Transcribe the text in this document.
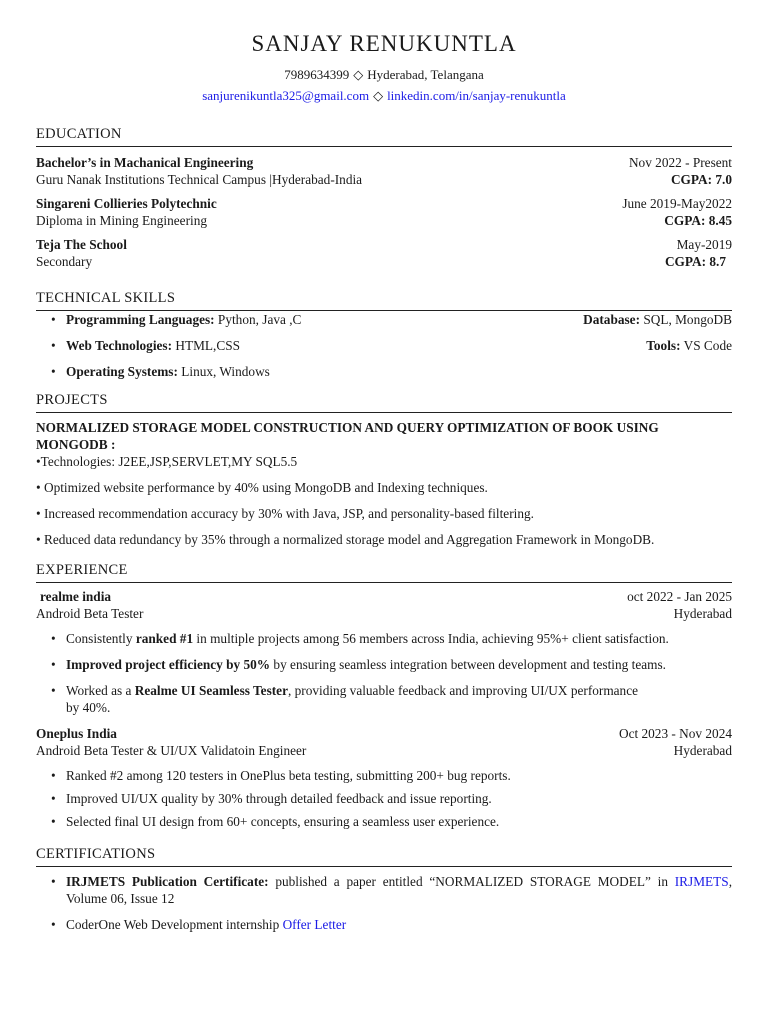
SANJAY RENUKUNTLA
7989634399 ◇ Hyderabad, Telangana
sanjurenikuntla325@gmail.com ◇ linkedin.com/in/sanjay-renukuntla
EDUCATION
Bachelor’s in Machanical Engineering	Nov 2022 - Present
Guru Nanak Institutions Technical Campus |Hyderabad-India	CGPA: 7.0
Singareni Collieries Polytechnic	June 2019-May2022
Diploma in Mining Engineering	CGPA: 8.45
Teja The School	May-2019
Secondary	CGPA: 8.7
TECHNICAL SKILLS
• Programming Languages: Python, Java ,C	Database: SQL, MongoDB
• Web Technologies: HTML,CSS	Tools: VS Code
• Operating Systems: Linux, Windows
PROJECTS
NORMALIZED STORAGE MODEL CONSTRUCTION AND QUERY OPTIMIZATION OF BOOK USING MONGODB :
•Technologies: J2EE,JSP,SERVLET,MY SQL5.5
• Optimized website performance by 40% using MongoDB and Indexing techniques.
• Increased recommendation accuracy by 30% with Java, JSP, and personality-based filtering.
• Reduced data redundancy by 35% through a normalized storage model and Aggregation Framework in MongoDB.
EXPERIENCE
realme india	oct 2022 - Jan 2025
Android Beta Tester	Hyderabad
• Consistently ranked #1 in multiple projects among 56 members across India, achieving 95%+ client satisfaction.
• Improved project efficiency by 50% by ensuring seamless integration between development and testing teams.
• Worked as a Realme UI Seamless Tester, providing valuable feedback and improving UI/UX performance by 40%.
Oneplus India	Oct 2023 - Nov 2024
Android Beta Tester & UI/UX Validatoin Engineer	Hyderabad
• Ranked #2 among 120 testers in OnePlus beta testing, submitting 200+ bug reports.
• Improved UI/UX quality by 30% through detailed feedback and issue reporting.
• Selected final UI design from 60+ concepts, ensuring a seamless user experience.
CERTIFICATIONS
• IRJMETS Publication Certificate: published a paper entitled “NORMALIZED STORAGE MODEL” in IRJMETS, Volume 06, Issue 12
• CoderOne Web Development internship Offer Letter
